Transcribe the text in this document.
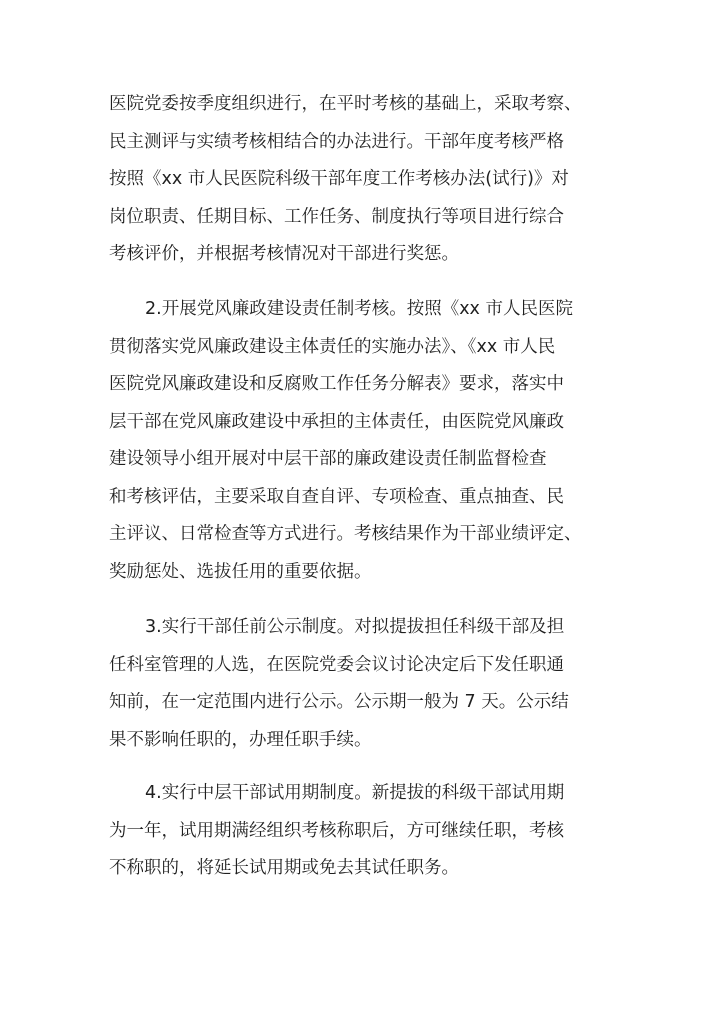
医院党委按季度组织进行，在平时考核的基础上，采取考察、
民主测评与实绩考核相结合的办法进行。干部年度考核严格
按照《xx 市人民医院科级干部年度工作考核办法(试行)》对
岗位职责、任期目标、工作任务、制度执行等项目进行综合
考核评价，并根据考核情况对干部进行奖惩。

2.开展党风廉政建设责任制考核。按照《xx 市人民医院
贯彻落实党风廉政建设主体责任的实施办法》、《xx 市人民
医院党风廉政建设和反腐败工作任务分解表》要求，落实中
层干部在党风廉政建设中承担的主体责任，由医院党风廉政
建设领导小组开展对中层干部的廉政建设责任制监督检查
和考核评估，主要采取自查自评、专项检查、重点抽查、民
主评议、日常检查等方式进行。考核结果作为干部业绩评定、
奖励惩处、选拔任用的重要依据。

3.实行干部任前公示制度。对拟提拔担任科级干部及担
任科室管理的人选，在医院党委会议讨论决定后下发任职通
知前，在一定范围内进行公示。公示期一般为 7 天。公示结
果不影响任职的，办理任职手续。

4.实行中层干部试用期制度。新提拔的科级干部试用期
为一年，试用期满经组织考核称职后，方可继续任职，考核
不称职的，将延长试用期或免去其试任职务。
